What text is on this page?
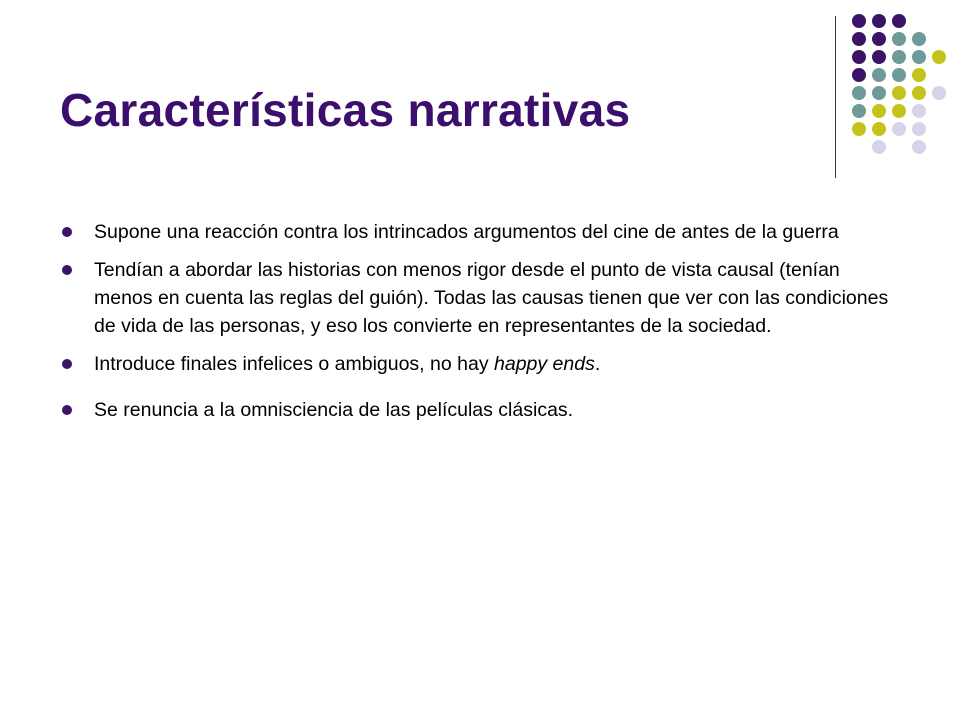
Características narrativas
Supone una reacción contra los intrincados argumentos del cine de antes de la guerra
Tendían a abordar las historias con menos rigor desde el punto de vista causal (tenían menos en cuenta las reglas del guión). Todas las causas tienen que ver con las condiciones de vida de las personas, y eso los convierte en representantes de la sociedad.
Introduce finales infelices o ambiguos, no hay happy ends.
Se renuncia a la omnisciencia de las películas clásicas.
